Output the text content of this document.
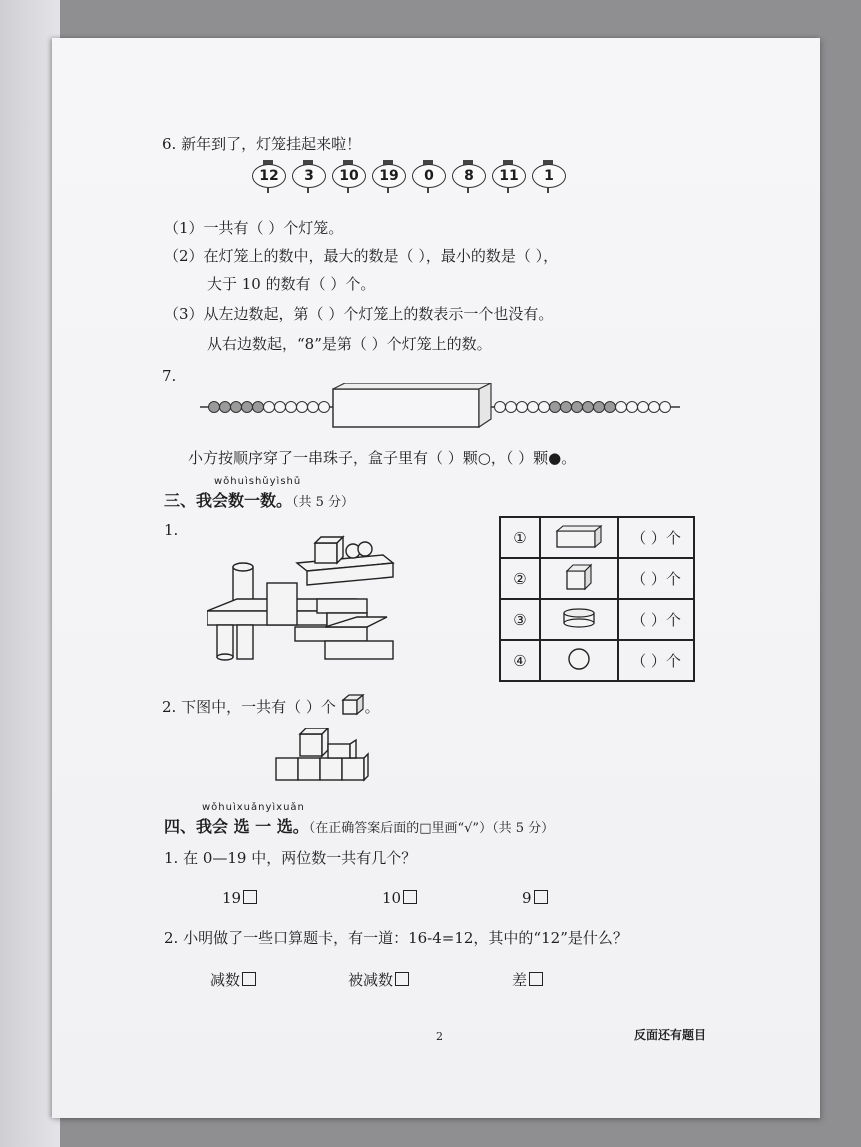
6. 新年到了，灯笼挂起来啦！
12	3	10	19	0	8	11	1
（1）一共有（ ）个灯笼。
（2）在灯笼上的数中，最大的数是（ ），最小的数是（ ），
大于 10 的数有（ ）个。
（3）从左边数起，第（ ）个灯笼上的数表示一个也没有。
从右边数起，“8”是第（ ）个灯笼上的数。
7.
小方按顺序穿了一串珠子，盒子里有（ ）颗○，（ ）颗●。
wǒhuìshǔyìshǔ
三、我会数一数。（共 5 分）
1.	①		（ ）个
②		（ ）个
③		（ ）个
④		（ ）个
2. 下图中，一共有（ ）个 。
wǒhuìxuǎnyìxuǎn
四、我会 选 一 选。（在正确答案后面的□里画“√”）（共 5 分）
1. 在 0—19 中，两位数一共有几个？
19	10	9
2. 小明做了一些口算题卡，有一道：16-4=12，其中的“12”是什么？
减数	被减数	差
2	反面还有题目
